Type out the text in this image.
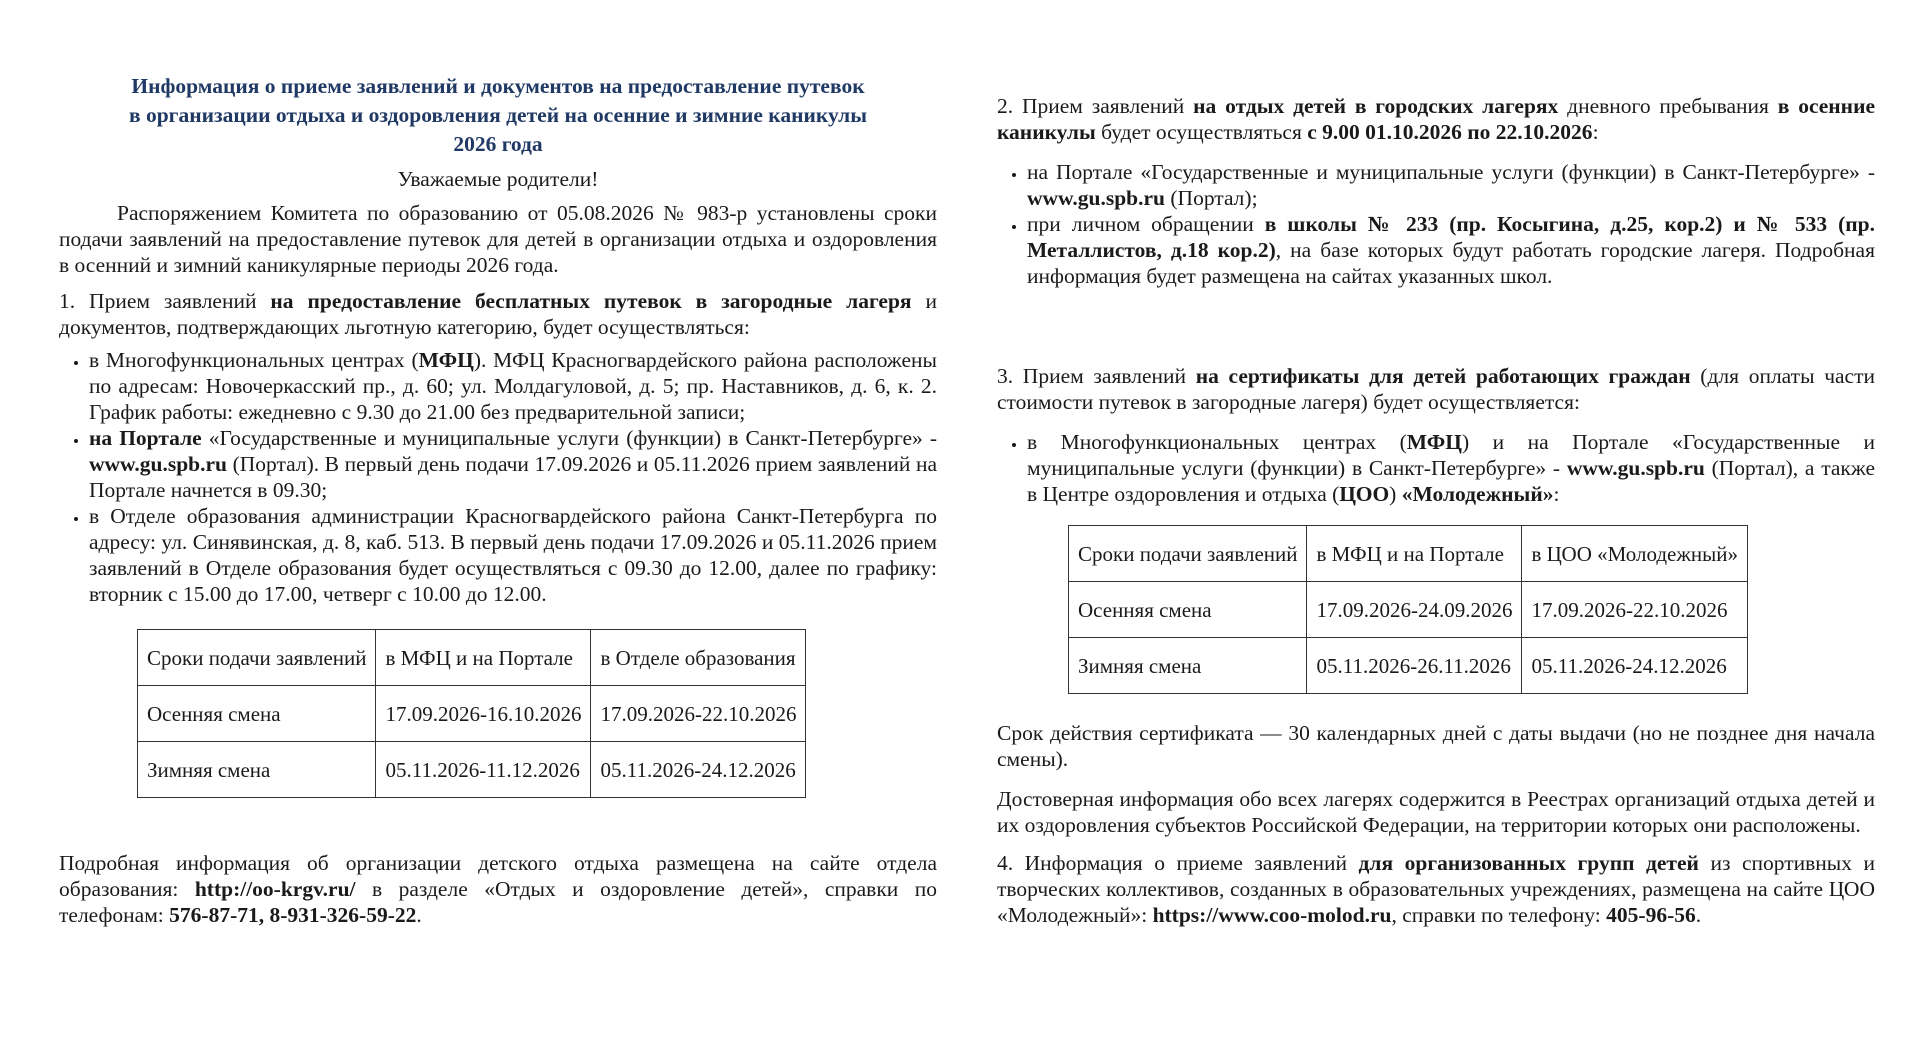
Информация о приеме заявлений и документов на предоставление путевок
в организации отдыха и оздоровления детей на осенние и зимние каникулы
2026 года
Уважаемые родители!

Распоряжением Комитета по образованию от 05.08.2026 № 983-р установлены сроки подачи заявлений на предоставление путевок для детей в организации отдыха и оздоровления в осенний и зимний каникулярные периоды 2026 года.

1. Прием заявлений на предоставление бесплатных путевок в загородные лагеря и документов, подтверждающих льготную категорию, будет осуществляться:

• в Многофункциональных центрах (МФЦ). МФЦ Красногвардейского района расположены по адресам: Новочеркасский пр., д. 60; ул. Молдагуловой, д. 5; пр. Наставников, д. 6, к. 2. График работы: ежедневно с 9.30 до 21.00 без предварительной записи;
• на Портале «Государственные и муниципальные услуги (функции) в Санкт-Петербурге» - www.gu.spb.ru (Портал). В первый день подачи 17.09.2026 и 05.11.2026 прием заявлений на Портале начнется в 09.30;
• в Отделе образования администрации Красногвардейского района Санкт-Петербурга по адресу: ул. Синявинская, д. 8, каб. 513. В первый день подачи 17.09.2026 и 05.11.2026 прием заявлений в Отделе образования будет осуществляться с 09.30 до 12.00, далее по графику: вторник с 15.00 до 17.00, четверг с 10.00 до 12.00.
Сроки подачи заявлений	в МФЦ и на Портале	в Отделе образования
Осенняя смена	17.09.2026-16.10.2026	17.09.2026-22.10.2026
Зимняя смена	05.11.2026-11.12.2026	05.11.2026-24.12.2026

Подробная информация об организации детского отдыха размещена на сайте отдела образования: http://oo-krgv.ru/ в разделе «Отдых и оздоровление детей», справки по телефонам: 576-87-71, 8-931-326-59-22.

2. Прием заявлений на отдых детей в городских лагерях дневного пребывания в осенние каникулы будет осуществляться с 9.00 01.10.2026 по 22.10.2026:

• на Портале «Государственные и муниципальные услуги (функции) в Санкт-Петербурге» - www.gu.spb.ru (Портал);
• при личном обращении в школы № 233 (пр. Косыгина, д.25, кор.2) и № 533 (пр. Металлистов, д.18 кор.2), на базе которых будут работать городские лагеря. Подробная информация будет размещена на сайтах указанных школ.

3. Прием заявлений на сертификаты для детей работающих граждан (для оплаты части стоимости путевок в загородные лагеря) будет осуществляется:

• в Многофункциональных центрах (МФЦ) и на Портале «Государственные и муниципальные услуги (функции) в Санкт-Петербурге» - www.gu.spb.ru (Портал), а также в Центре оздоровления и отдыха (ЦОО) «Молодежный»:
Сроки подачи заявлений	в МФЦ и на Портале	в ЦОО «Молодежный»
Осенняя смена	17.09.2026-24.09.2026	17.09.2026-22.10.2026
Зимняя смена	05.11.2026-26.11.2026	05.11.2026-24.12.2026

Срок действия сертификата — 30 календарных дней с даты выдачи (но не позднее дня начала смены).

Достоверная информация обо всех лагерях содержится в Реестрах организаций отдыха детей и их оздоровления субъектов Российской Федерации, на территории которых они расположены.

4. Информация о приеме заявлений для организованных групп детей из спортивных и творческих коллективов, созданных в образовательных учреждениях, размещена на сайте ЦОО «Молодежный»: https://www.coo-molod.ru, справки по телефону: 405-96-56.
